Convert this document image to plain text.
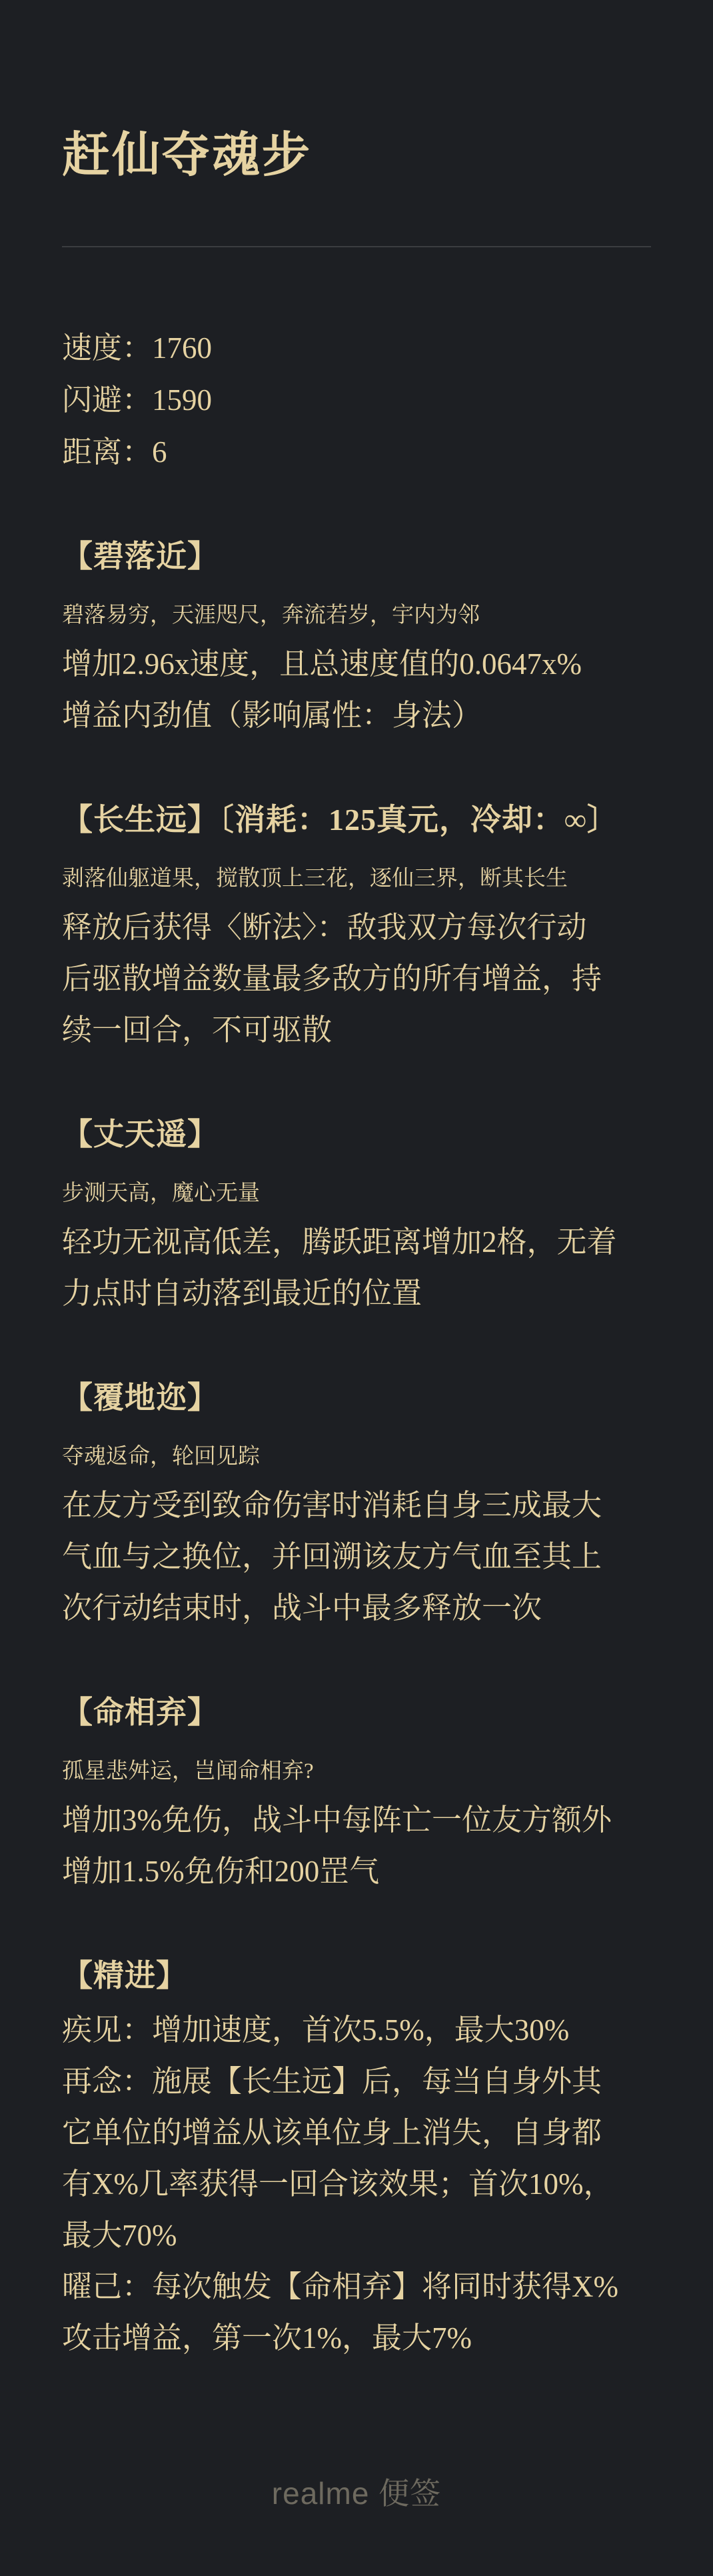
赶仙夺魂步
速度：1760
闪避：1590
距离：6
【碧落近】
碧落易穷，天涯咫尺，奔流若岁，宇内为邻
增加2.96x速度，且总速度值的0.0647x%
增益内劲值（影响属性：身法）
【长生远】〔消耗：125真元，冷却：∞〕
剥落仙躯道果，搅散顶上三花，逐仙三界，断其长生
释放后获得〈断法〉：敌我双方每次行动
后驱散增益数量最多敌方的所有增益，持
续一回合，不可驱散
【丈天遥】
步测天高，魔心无量
轻功无视高低差，腾跃距离增加2格，无着
力点时自动落到最近的位置
【覆地迩】
夺魂返命，轮回见踪
在友方受到致命伤害时消耗自身三成最大
气血与之换位，并回溯该友方气血至其上
次行动结束时，战斗中最多释放一次
【命相弃】
孤星悲舛运，岂闻命相弃?
增加3%免伤，战斗中每阵亡一位友方额外
增加1.5%免伤和200罡气
【精进】
疾见：增加速度，首次5.5%，最大30%
再念：施展【长生远】后，每当自身外其
它单位的增益从该单位身上消失，自身都
有X%几率获得一回合该效果；首次10%，
最大70%
曜己：每次触发【命相弃】将同时获得X%
攻击增益，第一次1%，最大7%
realme 便签
